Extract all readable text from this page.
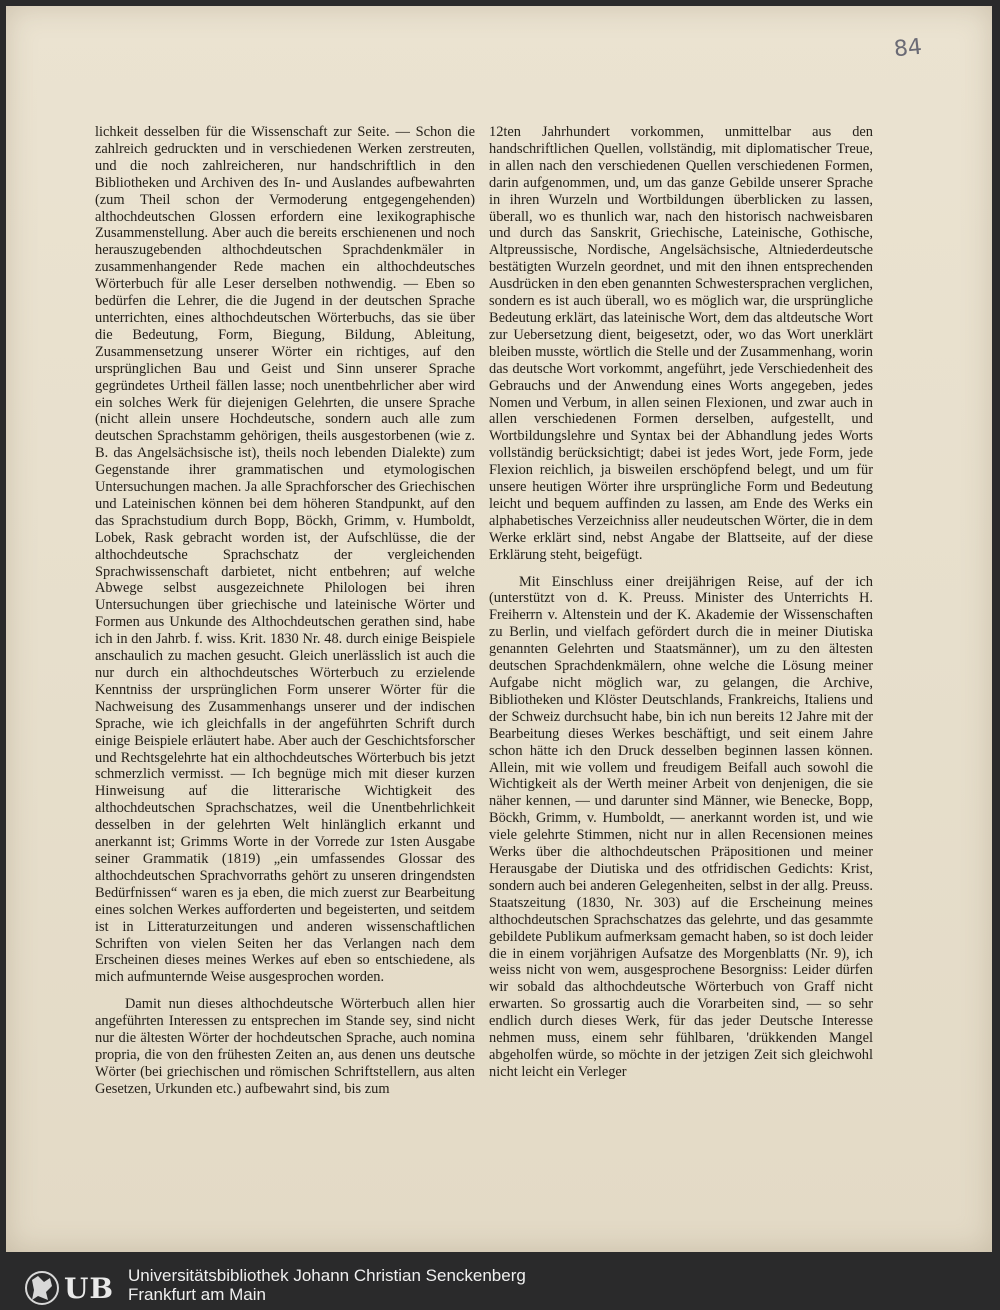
84

lichkeit desselben für die Wissenschaft zur Seite. — Schon die zahlreich gedruckten und in verschiedenen Werken zerstreuten, und die noch zahlreicheren, nur handschriftlich in den Bibliotheken und Archiven des In- und Auslandes aufbewahrten (zum Theil schon der Vermoderung entgegengehenden) althochdeutschen Glossen erfordern eine lexikographische Zusammenstellung. Aber auch die bereits erschienenen und noch herauszugebenden althochdeutschen Sprachdenkmäler in zusammenhangender Rede machen ein althochdeutsches Wörterbuch für alle Leser derselben nothwendig. — Eben so bedürfen die Lehrer, die die Jugend in der deutschen Sprache unterrichten, eines althochdeutschen Wörterbuchs, das sie über die Bedeutung, Form, Biegung, Bildung, Ableitung, Zusammensetzung unserer Wörter ein richtiges, auf den ursprünglichen Bau und Geist und Sinn unserer Sprache gegründetes Urtheil fällen lasse; noch unentbehrlicher aber wird ein solches Werk für diejenigen Gelehrten, die unsere Sprache (nicht allein unsere Hochdeutsche, sondern auch alle zum deutschen Sprachstamm gehörigen, theils ausgestorbenen (wie z. B. das Angelsächsische ist), theils noch lebenden Dialekte) zum Gegenstande ihrer grammatischen und etymologischen Untersuchungen machen. Ja alle Sprachforscher des Griechischen und Lateinischen können bei dem höheren Standpunkt, auf den das Sprachstudium durch Bopp, Böckh, Grimm, v. Humboldt, Lobek, Rask gebracht worden ist, der Aufschlüsse, die der althochdeutsche Sprachschatz der vergleichenden Sprachwissenschaft darbietet, nicht entbehren; auf welche Abwege selbst ausgezeichnete Philologen bei ihren Untersuchungen über griechische und lateinische Wörter und Formen aus Unkunde des Althochdeutschen gerathen sind, habe ich in den Jahrb. f. wiss. Krit. 1830 Nr. 48. durch einige Beispiele anschaulich zu machen gesucht. Gleich unerlässlich ist auch die nur durch ein althochdeutsches Wörterbuch zu erzielende Kenntniss der ursprünglichen Form unserer Wörter für die Nachweisung des Zusammenhangs unserer und der indischen Sprache, wie ich gleichfalls in der angeführten Schrift durch einige Beispiele erläutert habe. Aber auch der Geschichtsforscher und Rechtsgelehrte hat ein althochdeutsches Wörterbuch bis jetzt schmerzlich vermisst. — Ich begnüge mich mit dieser kurzen Hinweisung auf die litterarische Wichtigkeit des althochdeutschen Sprachschatzes, weil die Unentbehrlichkeit desselben in der gelehrten Welt hinlänglich erkannt und anerkannt ist; Grimms Worte in der Vorrede zur 1sten Ausgabe seiner Grammatik (1819) „ein umfassendes Glossar des althochdeutschen Sprachvorraths gehört zu unseren dringendsten Bedürfnissen“ waren es ja eben, die mich zuerst zur Bearbeitung eines solchen Werkes aufforderten und begeisterten, und seitdem ist in Litteraturzeitungen und anderen wissenschaftlichen Schriften von vielen Seiten her das Verlangen nach dem Erscheinen dieses meines Werkes auf eben so entschiedene, als mich aufmunternde Weise ausgesprochen worden.

Damit nun dieses althochdeutsche Wörterbuch allen hier angeführten Interessen zu entsprechen im Stande sey, sind nicht nur die ältesten Wörter der hochdeutschen Sprache, auch nomina propria, die von den frühesten Zeiten an, aus denen uns deutsche Wörter (bei griechischen und römischen Schriftstellern, aus alten Gesetzen, Urkunden etc.) aufbewahrt sind, bis zum

12ten Jahrhundert vorkommen, unmittelbar aus den handschriftlichen Quellen, vollständig, mit diplomatischer Treue, in allen nach den verschiedenen Quellen verschiedenen Formen, darin aufgenommen, und, um das ganze Gebilde unserer Sprache in ihren Wurzeln und Wortbildungen überblicken zu lassen, überall, wo es thunlich war, nach den historisch nachweisbaren und durch das Sanskrit, Griechische, Lateinische, Gothische, Altpreussische, Nordische, Angelsächsische, Altniederdeutsche bestätigten Wurzeln geordnet, und mit den ihnen entsprechenden Ausdrücken in den eben genannten Schwestersprachen verglichen, sondern es ist auch überall, wo es möglich war, die ursprüngliche Bedeutung erklärt, das lateinische Wort, dem das altdeutsche Wort zur Uebersetzung dient, beigesetzt, oder, wo das Wort unerklärt bleiben musste, wörtlich die Stelle und der Zusammenhang, worin das deutsche Wort vorkommt, angeführt, jede Verschiedenheit des Gebrauchs und der Anwendung eines Worts angegeben, jedes Nomen und Verbum, in allen seinen Flexionen, und zwar auch in allen verschiedenen Formen derselben, aufgestellt, und Wortbildungslehre und Syntax bei der Abhandlung jedes Worts vollständig berücksichtigt; dabei ist jedes Wort, jede Form, jede Flexion reichlich, ja bisweilen erschöpfend belegt, und um für unsere heutigen Wörter ihre ursprüngliche Form und Bedeutung leicht und bequem auffinden zu lassen, am Ende des Werks ein alphabetisches Verzeichniss aller neudeutschen Wörter, die in dem Werke erklärt sind, nebst Angabe der Blattseite, auf der diese Erklärung steht, beigefügt.

Mit Einschluss einer dreijährigen Reise, auf der ich (unterstützt von d. K. Preuss. Minister des Unterrichts H. Freiherrn v. Altenstein und der K. Akademie der Wissenschaften zu Berlin, und vielfach gefördert durch die in meiner Diutiska genannten Gelehrten und Staatsmänner), um zu den ältesten deutschen Sprachdenkmälern, ohne welche die Lösung meiner Aufgabe nicht möglich war, zu gelangen, die Archive, Bibliotheken und Klöster Deutschlands, Frankreichs, Italiens und der Schweiz durchsucht habe, bin ich nun bereits 12 Jahre mit der Bearbeitung dieses Werkes beschäftigt, und seit einem Jahre schon hätte ich den Druck desselben beginnen lassen können. Allein, mit wie vollem und freudigem Beifall auch sowohl die Wichtigkeit als der Werth meiner Arbeit von denjenigen, die sie näher kennen, — und darunter sind Männer, wie Benecke, Bopp, Böckh, Grimm, v. Humboldt, — anerkannt worden ist, und wie viele gelehrte Stimmen, nicht nur in allen Recensionen meines Werks über die althochdeutschen Präpositionen und meiner Herausgabe der Diutiska und des otfridischen Gedichts: Krist, sondern auch bei anderen Gelegenheiten, selbst in der allg. Preuss. Staatszeitung (1830, Nr. 303) auf die Erscheinung meines althochdeutschen Sprachschatzes das gelehrte, und das gesammte gebildete Publikum aufmerksam gemacht haben, so ist doch leider die in einem vorjährigen Aufsatze des Morgenblatts (Nr. 9), ich weiss nicht von wem, ausgesprochene Besorgniss: Leider dürfen wir sobald das althochdeutsche Wörterbuch von Graff nicht erwarten. So grossartig auch die Vorarbeiten sind, — so sehr endlich durch dieses Werk, für das jeder Deutsche Interesse nehmen muss, einem sehr fühlbaren, 'drükkenden Mangel abgeholfen würde, so möchte in der jetzigen Zeit sich gleichwohl nicht leicht ein Verleger

UB Universitätsbibliothek Johann Christian Senckenberg
Frankfurt am Main
